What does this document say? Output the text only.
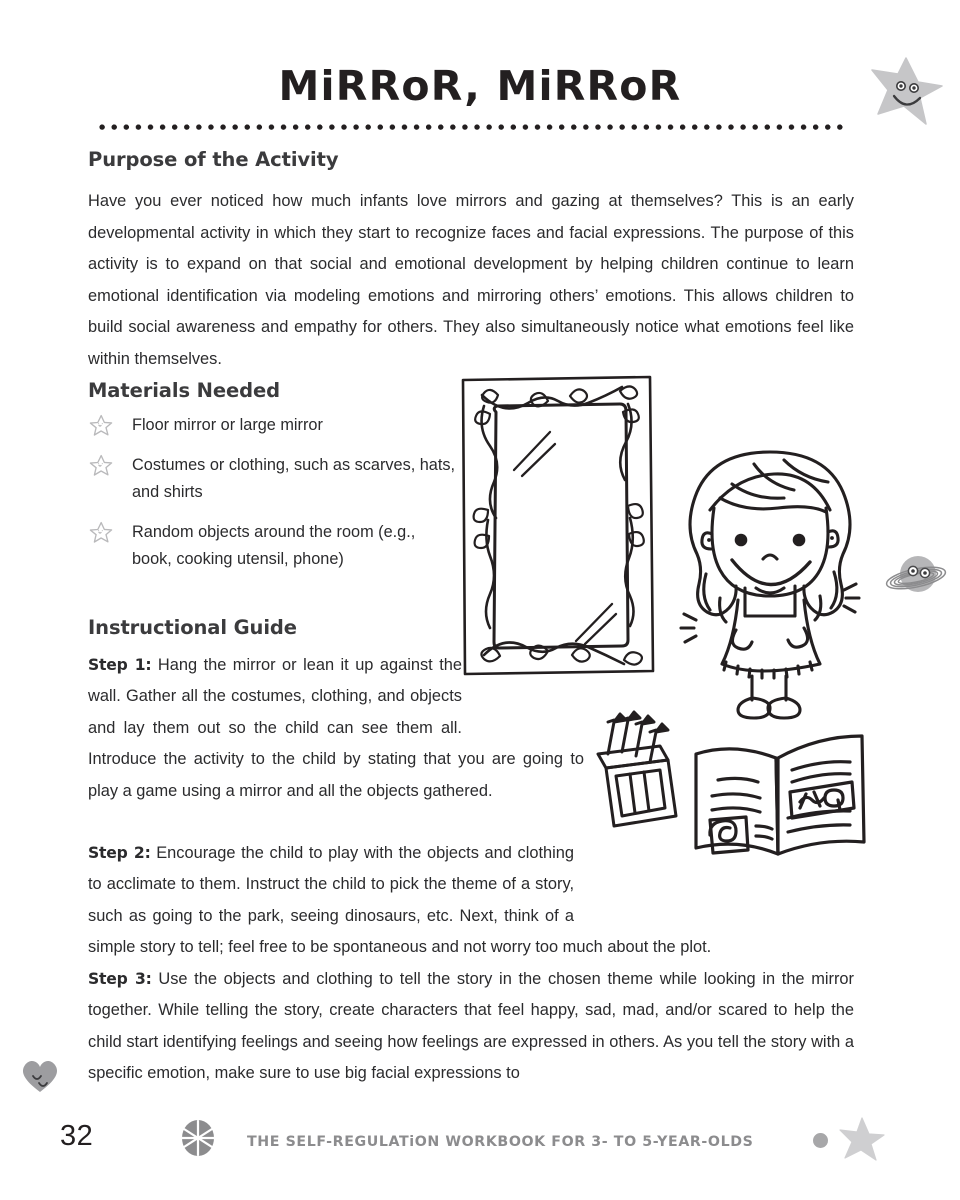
MiRRoR, MiRRoR
Purpose of the Activity
Have you ever noticed how much infants love mirrors and gazing at themselves? This is an early developmental activity in which they start to recognize faces and facial expressions. The purpose of this activity is to expand on that social and emotional development by helping children continue to learn emotional identification via modeling emotions and mirroring others’ emotions. This allows children to build social awareness and empathy for others. They also simultaneously notice what emotions feel like within themselves.
Materials Needed
Floor mirror or large mirror
Costumes or clothing, such as scarves, hats, and shirts
Random objects around the room (e.g., book, cooking utensil, phone)
Instructional Guide
Step 1: Hang the mirror or lean it up against the wall. Gather all the costumes, clothing, and objects and lay them out so the child can see them all. Introduce the activity to the child by stating that you are going to play a game using a mirror and all the objects gathered.
Step 2: Encourage the child to play with the objects and clothing to acclimate to them. Instruct the child to pick the theme of a story, such as going to the park, seeing dinosaurs, etc. Next, think of a simple story to tell; feel free to be spontaneous and not worry too much about the plot.
Step 3: Use the objects and clothing to tell the story in the chosen theme while looking in the mirror together. While telling the story, create characters that feel happy, sad, mad, and/or scared to help the child start identifying feelings and seeing how feelings are expressed in others. As you tell the story with a specific emotion, make sure to use big facial expressions to
32	THE SELF-REGULATiON WORKBOOK FOR 3- TO 5-YEAR-OLDS
